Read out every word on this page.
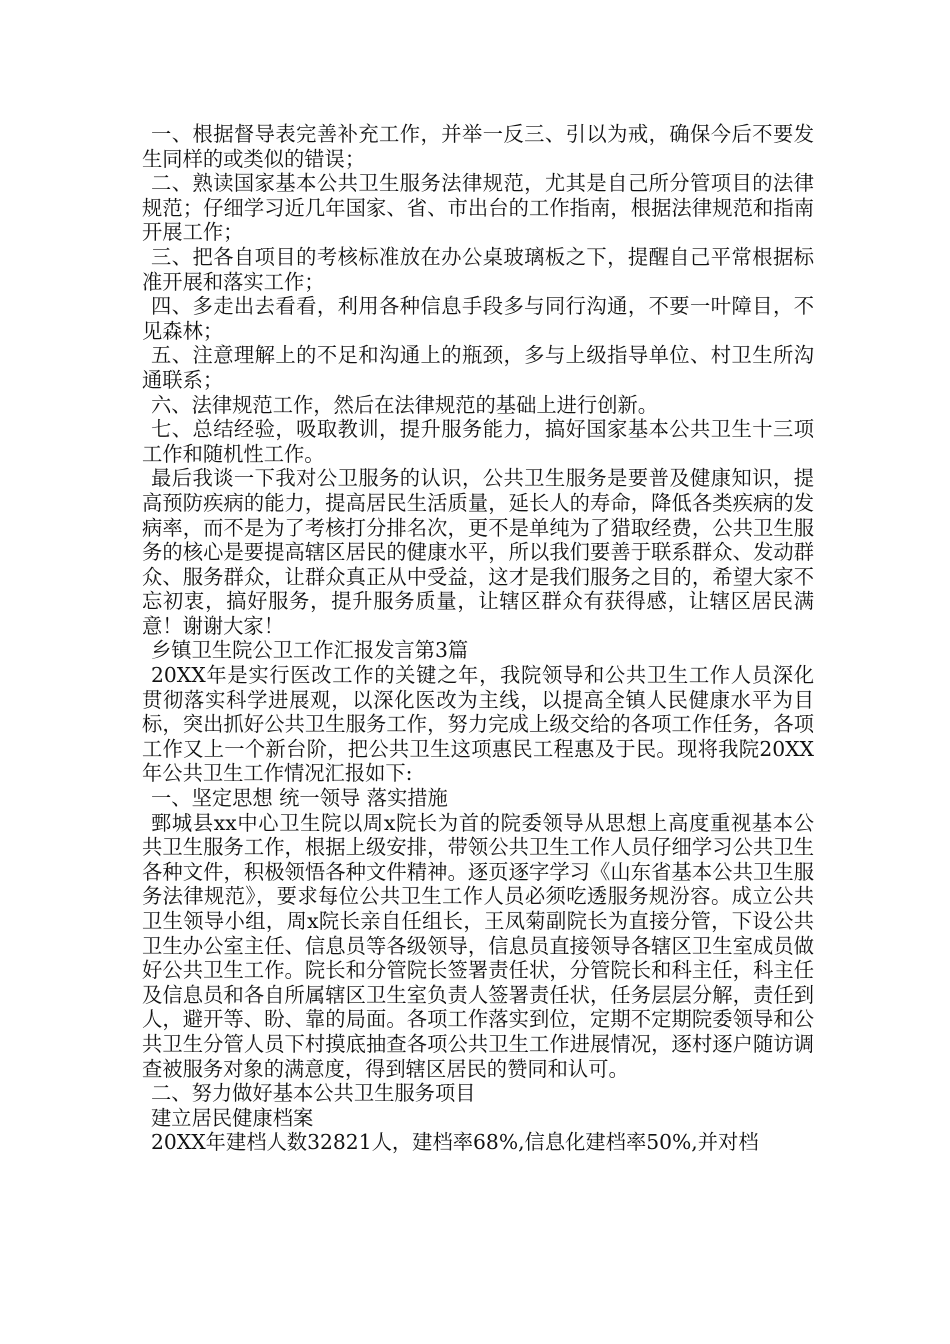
一、根据督导表完善补充工作，并举一反三、引以为戒，确保今后不要发生同样的或类似的错误；

二、熟读国家基本公共卫生服务法律规范，尤其是自己所分管项目的法律规范；仔细学习近几年国家、省、市出台的工作指南，根据法律规范和指南开展工作；

三、把各自项目的考核标准放在办公桌玻璃板之下，提醒自己平常根据标准开展和落实工作；

四、多走出去看看，利用各种信息手段多与同行沟通，不要一叶障目，不见森林；

五、注意理解上的不足和沟通上的瓶颈，多与上级指导单位、村卫生所沟通联系；

六、法律规范工作，然后在法律规范的基础上进行创新。

七、总结经验，吸取教训，提升服务能力，搞好国家基本公共卫生十三项工作和随机性工作。

最后我谈一下我对公卫服务的认识，公共卫生服务是要普及健康知识，提高预防疾病的能力，提高居民生活质量，延长人的寿命，降低各类疾病的发病率，而不是为了考核打分排名次，更不是单纯为了猎取经费，公共卫生服务的核心是要提高辖区居民的健康水平，所以我们要善于联系群众、发动群众、服务群众，让群众真正从中受益，这才是我们服务之目的，希望大家不忘初衷，搞好服务，提升服务质量，让辖区群众有获得感，让辖区居民满意！谢谢大家！

乡镇卫生院公卫工作汇报发言第3篇

20XX年是实行医改工作的关键之年，我院领导和公共卫生工作人员深化贯彻落实科学进展观，以深化医改为主线，以提高全镇人民健康水平为目标，突出抓好公共卫生服务工作，努力完成上级交给的各项工作任务，各项工作又上一个新台阶，把公共卫生这项惠民工程惠及于民。现将我院20XX年公共卫生工作情况汇报如下:

一、坚定思想 统一领导 落实措施

鄄城县xx中心卫生院以周x院长为首的院委领导从思想上高度重视基本公共卫生服务工作，根据上级安排，带领公共卫生工作人员仔细学习公共卫生各种文件，积极领悟各种文件精神。逐页逐字学习《山东省基本公共卫生服务法律规范》，要求每位公共卫生工作人员必须吃透服务规汾容。成立公共卫生领导小组，周x院长亲自任组长，王凤菊副院长为直接分管，下设公共卫生办公室主任、信息员等各级领导，信息员直接领导各辖区卫生室成员做好公共卫生工作。院长和分管院长签署责任状，分管院长和科主任，科主任及信息员和各自所属辖区卫生室负责人签署责任状，任务层层分解，责任到人，避开等、盼、靠的局面。各项工作落实到位，定期不定期院委领导和公共卫生分管人员下村摸底抽查各项公共卫生工作进展情况，逐村逐户随访调查被服务对象的满意度，得到辖区居民的赞同和认可。

二、努力做好基本公共卫生服务项目

建立居民健康档案

20XX年建档人数32821人，建档率68%,信息化建档率50%,并对档
